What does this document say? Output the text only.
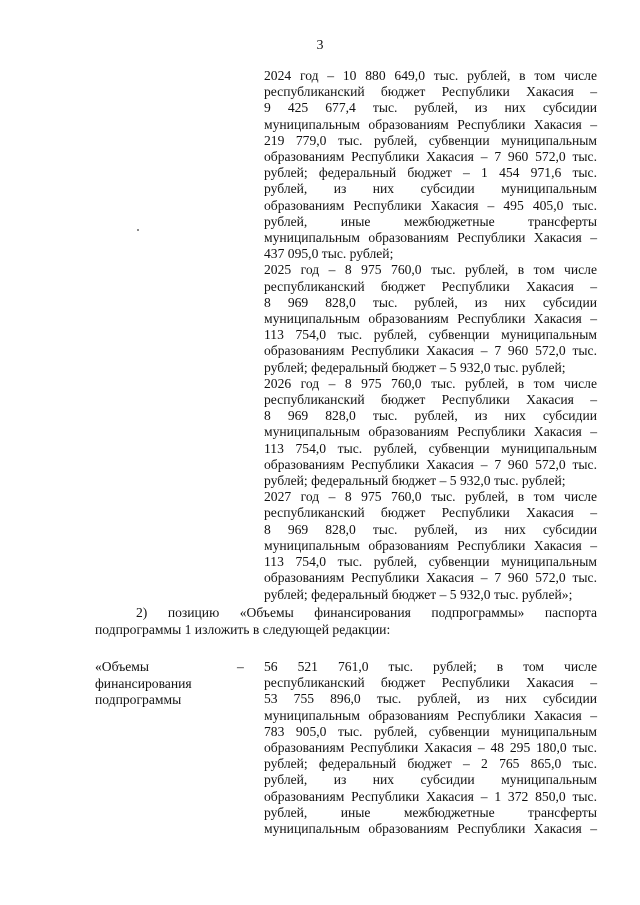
3
2024 год – 10 880 649,0 тыс. рублей, в том числе
республиканский бюджет Республики Хакасия –
9 425 677,4 тыс. рублей, из них субсидии
муниципальным образованиям Республики Хакасия –
219 779,0 тыс. рублей, субвенции муниципальным
образованиям Республики Хакасия – 7 960 572,0 тыс.
рублей; федеральный бюджет – 1 454 971,6 тыс.
рублей, из них субсидии муниципальным
образованиям Республики Хакасия – 495 405,0 тыс.
рублей, иные межбюджетные трансферты
муниципальным образованиям Республики Хакасия –
437 095,0 тыс. рублей;
2025 год – 8 975 760,0 тыс. рублей, в том числе
республиканский бюджет Республики Хакасия –
8 969 828,0 тыс. рублей, из них субсидии
муниципальным образованиям Республики Хакасия –
113 754,0 тыс. рублей, субвенции муниципальным
образованиям Республики Хакасия – 7 960 572,0 тыс.
рублей; федеральный бюджет – 5 932,0 тыс. рублей;
2026 год – 8 975 760,0 тыс. рублей, в том числе
республиканский бюджет Республики Хакасия –
8 969 828,0 тыс. рублей, из них субсидии
муниципальным образованиям Республики Хакасия –
113 754,0 тыс. рублей, субвенции муниципальным
образованиям Республики Хакасия – 7 960 572,0 тыс.
рублей; федеральный бюджет – 5 932,0 тыс. рублей;
2027 год – 8 975 760,0 тыс. рублей, в том числе
республиканский бюджет Республики Хакасия –
8 969 828,0 тыс. рублей, из них субсидии
муниципальным образованиям Республики Хакасия –
113 754,0 тыс. рублей, субвенции муниципальным
образованиям Республики Хакасия – 7 960 572,0 тыс.
рублей; федеральный бюджет – 5 932,0 тыс. рублей»;
2) позицию «Объемы финансирования подпрограммы» паспорта
подпрограммы 1 изложить в следующей редакции:
«Объемы
финансирования
подпрограммы
– 56 521 761,0 тыс. рублей; в том числе
республиканский бюджет Республики Хакасия –
53 755 896,0 тыс. рублей, из них субсидии
муниципальным образованиям Республики Хакасия –
783 905,0 тыс. рублей, субвенции муниципальным
образованиям Республики Хакасия – 48 295 180,0 тыс.
рублей; федеральный бюджет – 2 765 865,0 тыс.
рублей, из них субсидии муниципальным
образованиям Республики Хакасия – 1 372 850,0 тыс.
рублей, иные межбюджетные трансферты
муниципальным образованиям Республики Хакасия –
